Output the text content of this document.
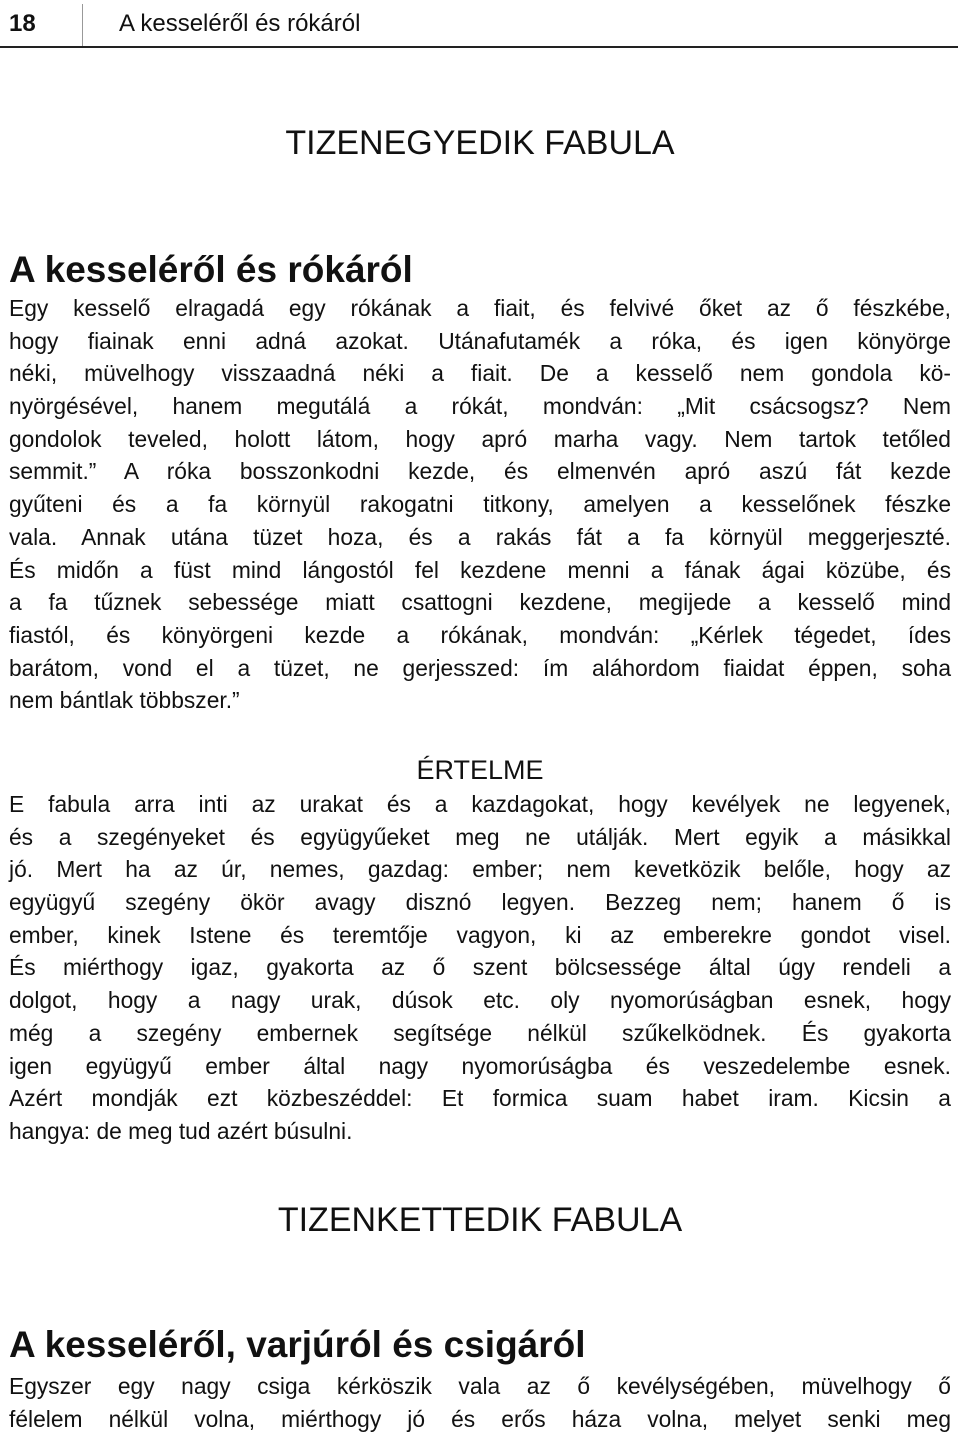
18	A kesseléről és rókáról
TIZENEGYEDIK FABULA
A kesseléről és rókáról
Egy kesselő elragadá egy rókának a fiait, és felvivé őket az ő fészkébe,
hogy fiainak enni adná azokat. Utánafutamék a róka, és igen könyörge
néki, müvelhogy visszaadná néki a fiait. De a kesselő nem gondola kö-
nyörgésével, hanem megutálá a rókát, mondván: „Mit csácsogsz? Nem
gondolok teveled, holott látom, hogy apró marha vagy. Nem tartok tetőled
semmit.” A róka bosszonkodni kezde, és elmenvén apró aszú fát kezde
gyűteni és a fa környül rakogatni titkony, amelyen a kesselőnek fészke
vala. Annak utána tüzet hoza, és a rakás fát a fa környül meggerjeszté.
És midőn a füst mind lángostól fel kezdene menni a fának ágai közübe, és
a fa tűznek sebessége miatt csattogni kezdene, megijede a kesselő mind
fiastól, és könyörgeni kezde a rókának, mondván: „Kérlek tégedet, ídes
barátom, vond el a tüzet, ne gerjesszed: ím aláhordom fiaidat éppen, soha
nem bántlak többszer.”
ÉRTELME
E fabula arra inti az urakat és a kazdagokat, hogy kevélyek ne legyenek,
és a szegényeket és együgyűeket meg ne utálják. Mert egyik a másikkal
jó. Mert ha az úr, nemes, gazdag: ember; nem kevetközik belőle, hogy az
együgyű szegény ökör avagy disznó legyen. Bezzeg nem; hanem ő is
ember, kinek Istene és teremtője vagyon, ki az emberekre gondot visel.
És miérthogy igaz, gyakorta az ő szent bölcsessége által úgy rendeli a
dolgot, hogy a nagy urak, dúsok etc. oly nyomorúságban esnek, hogy
még a szegény embernek segítsége nélkül szűkelködnek. És gyakorta
igen együgyű ember által nagy nyomorúságba és veszedelembe esnek.
Azért mondják ezt közbeszéddel: Et formica suam habet iram. Kicsin a
hangya: de meg tud azért búsulni.
TIZENKETTEDIK FABULA
A kesseléről, varjúról és csigáról
Egyszer egy nagy csiga kérköszik vala az ő kevélységében, müvelhogy ő
félelem nélkül volna, miérthogy jó és erős háza volna, melyet senki meg
